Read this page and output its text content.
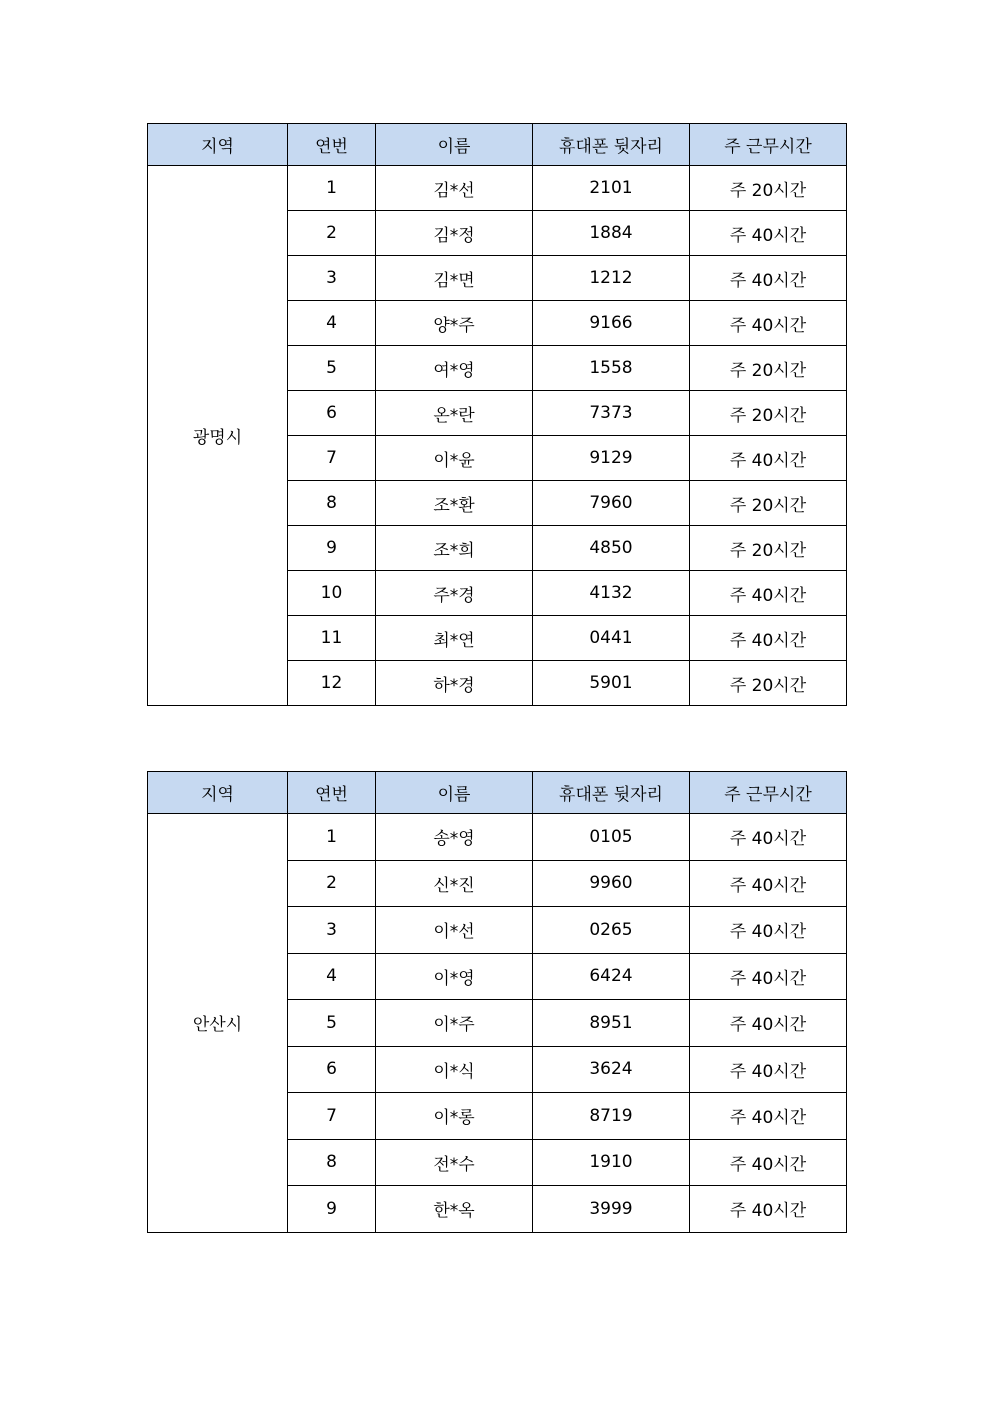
지역	연번	이름	휴대폰 뒷자리	주 근무시간
광명시	1	김*선	2101	주 20시간
	2	김*정	1884	주 40시간
	3	김*면	1212	주 40시간
	4	양*주	9166	주 40시간
	5	여*영	1558	주 20시간
	6	온*란	7373	주 20시간
	7	이*윤	9129	주 40시간
	8	조*환	7960	주 20시간
	9	조*희	4850	주 20시간
	10	주*경	4132	주 40시간
	11	최*연	0441	주 40시간
	12	하*경	5901	주 20시간
지역	연번	이름	휴대폰 뒷자리	주 근무시간
안산시	1	송*영	0105	주 40시간
	2	신*진	9960	주 40시간
	3	이*선	0265	주 40시간
	4	이*영	6424	주 40시간
	5	이*주	8951	주 40시간
	6	이*식	3624	주 40시간
	7	이*롱	8719	주 40시간
	8	전*수	1910	주 40시간
	9	한*옥	3999	주 40시간
